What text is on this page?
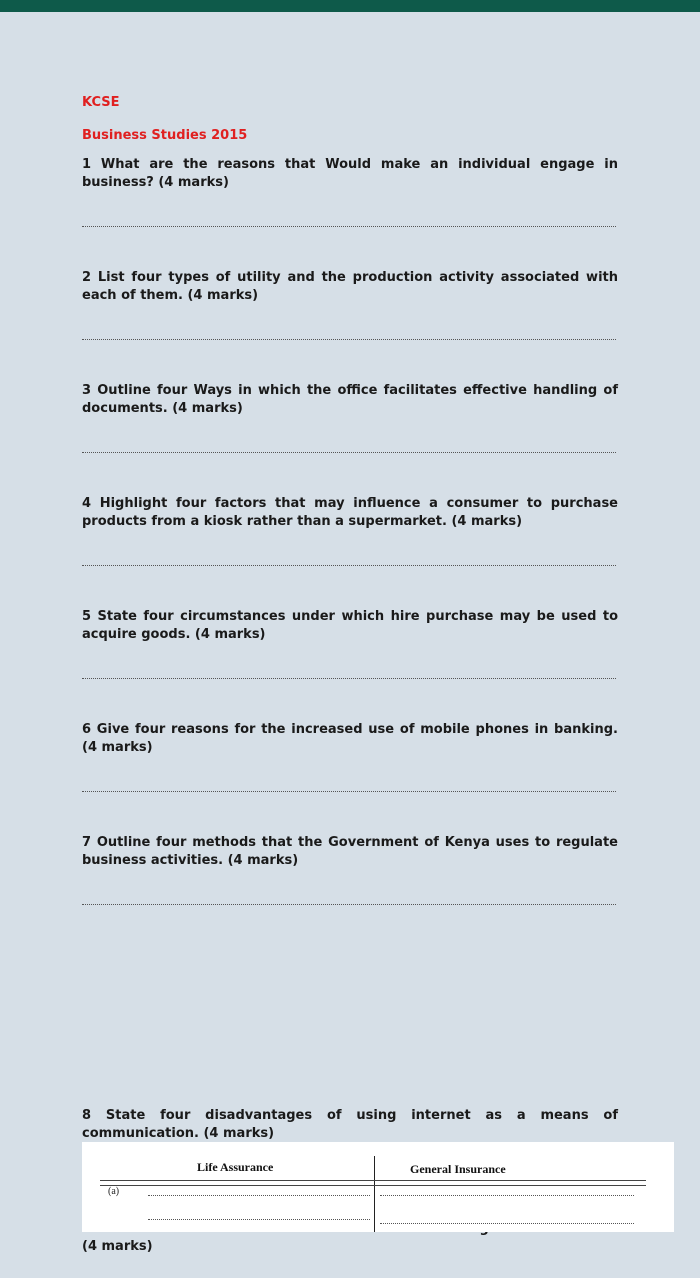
KCSE
Business Studies 2015
1 What are the reasons that Would make an individual engage in business? (4 marks)
2 List four types of utility and the production activity associated with each of them. (4 marks)
3 Outline four Ways in which the office facilitates effective handling of documents. (4 marks)
4 Highlight four factors that may influence a consumer to purchase products from a kiosk rather than a supermarket. (4 marks)
5 State four circumstances under which hire purchase may be used to acquire goods. (4 marks)
6 Give four reasons for the increased use of mobile phones in banking. (4 marks)
7 Outline four methods that the Government of Kenya uses to regulate business activities. (4 marks)
8 State four disadvantages of using internet as a means of communication. (4 marks)
(4 marks)
Life Assurance	General Insurance
(a)
